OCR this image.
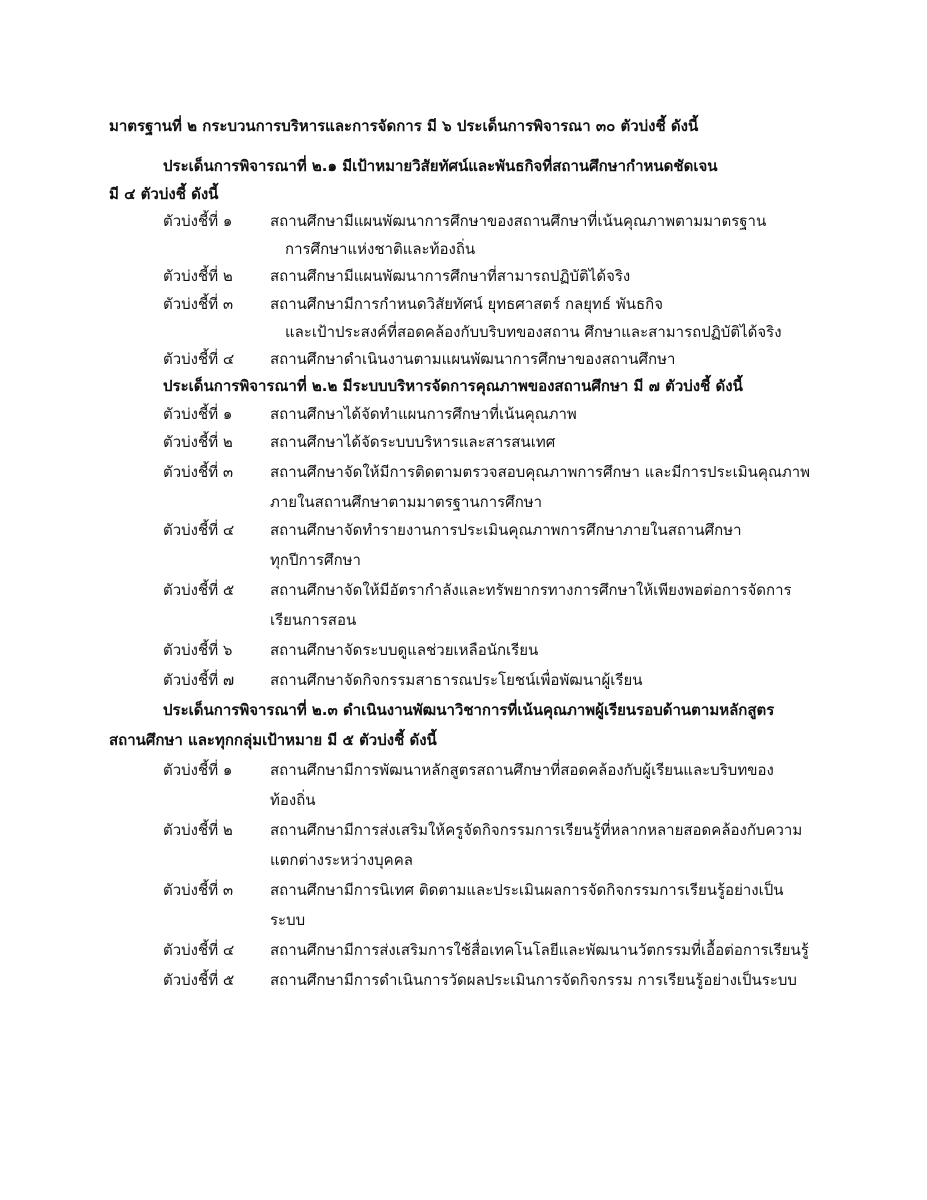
มาตรฐานที่ ๒ กระบวนการบริหารและการจัดการ มี ๖ ประเด็นการพิจารณา ๓๐ ตัวบ่งชี้ ดังนี้
ประเด็นการพิจารณาที่ ๒.๑ มีเป้าหมายวิสัยทัศน์และพันธกิจที่สถานศึกษากำหนดชัดเจน
มี ๔ ตัวบ่งชี้ ดังนี้
ตัวบ่งชี้ที่ ๑	สถานศึกษามีแผนพัฒนาการศึกษาของสถานศึกษาที่เน้นคุณภาพตามมาตรฐาน
การศึกษาแห่งชาติและท้องถิ่น
ตัวบ่งชี้ที่ ๒ สถานศึกษามีแผนพัฒนาการศึกษาที่สามารถปฏิบัติได้จริง
ตัวบ่งชี้ที่ ๓ สถานศึกษามีการกำหนดวิสัยทัศน์ ยุทธศาสตร์ กลยุทธ์ พันธกิจ
และเป้าประสงค์ที่สอดคล้องกับบริบทของสถาน ศึกษาและสามารถปฏิบัติได้จริง
ตัวบ่งชี้ที่ ๔ สถานศึกษาดำเนินงานตามแผนพัฒนาการศึกษาของสถานศึกษา
ประเด็นการพิจารณาที่ ๒.๒ มีระบบบริหารจัดการคุณภาพของสถานศึกษา มี ๗ ตัวบ่งชี้ ดังนี้
ตัวบ่งชี้ที่ ๑	สถานศึกษาได้จัดทำแผนการศึกษาที่เน้นคุณภาพ
ตัวบ่งชี้ที่ ๒ สถานศึกษาได้จัดระบบบริหารและสารสนเทศ
ตัวบ่งชี้ที่ ๓ สถานศึกษาจัดให้มีการติดตามตรวจสอบคุณภาพการศึกษา และมีการประเมินคุณภาพ
ภายในสถานศึกษาตามมาตรฐานการศึกษา
ตัวบ่งชี้ที่ ๔ สถานศึกษาจัดทำรายงานการประเมินคุณภาพการศึกษาภายในสถานศึกษา
ทุกปีการศึกษา
ตัวบ่งชี้ที่ ๕ สถานศึกษาจัดให้มีอัตรากำลังและทรัพยากรทางการศึกษาให้เพียงพอต่อการจัดการ
เรียนการสอน
ตัวบ่งชี้ที่ ๖	สถานศึกษาจัดระบบดูแลช่วยเหลือนักเรียน
ตัวบ่งชี้ที่ ๗ สถานศึกษาจัดกิจกรรมสาธารณประโยชน์เพื่อพัฒนาผู้เรียน
ประเด็นการพิจารณาที่ ๒.๓ ดำเนินงานพัฒนาวิชาการที่เน้นคุณภาพผู้เรียนรอบด้านตามหลักสูตร
สถานศึกษา และทุกกลุ่มเป้าหมาย มี ๕ ตัวบ่งชี้ ดังนี้
ตัวบ่งชี้ที่ ๑	สถานศึกษามีการพัฒนาหลักสูตรสถานศึกษาที่สอดคล้องกับผู้เรียนและบริบทของ
ท้องถิ่น
ตัวบ่งชี้ที่ ๒ สถานศึกษามีการส่งเสริมให้ครูจัดกิจกรรมการเรียนรู้ที่หลากหลายสอดคล้องกับความ
แตกต่างระหว่างบุคคล
ตัวบ่งชี้ที่ ๓ สถานศึกษามีการนิเทศ ติดตามและประเมินผลการจัดกิจกรรมการเรียนรู้อย่างเป็น
ระบบ
ตัวบ่งชี้ที่ ๔ สถานศึกษามีการส่งเสริมการใช้สื่อเทคโนโลยีและพัฒนานวัตกรรมที่เอื้อต่อการเรียนรู้
ตัวบ่งชี้ที่ ๕ สถานศึกษามีการดำเนินการวัดผลประเมินการจัดกิจกรรม การเรียนรู้อย่างเป็นระบบ
